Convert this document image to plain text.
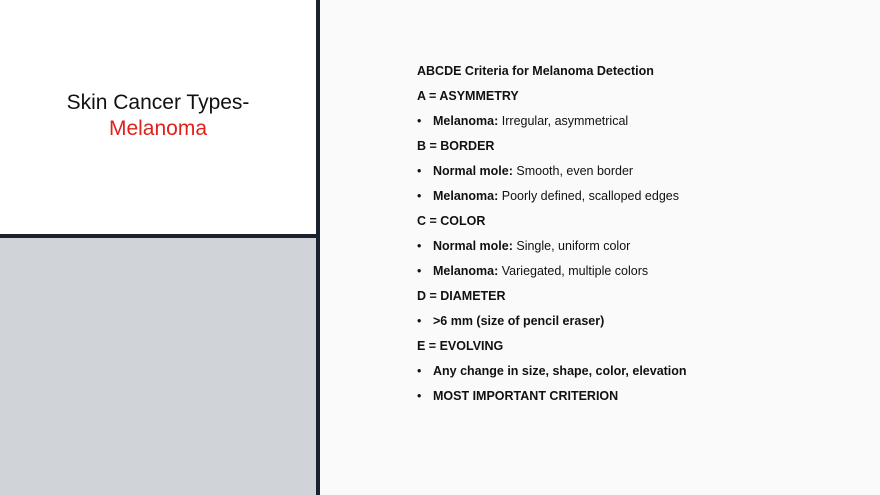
Skin Cancer Types-
Melanoma
ABCDE Criteria for Melanoma Detection
A = ASYMMETRY
• Melanoma: Irregular, asymmetrical
B = BORDER
• Normal mole: Smooth, even border
• Melanoma: Poorly defined, scalloped edges
C = COLOR
• Normal mole: Single, uniform color
• Melanoma: Variegated, multiple colors
D = DIAMETER
• >6 mm (size of pencil eraser)
E = EVOLVING
• Any change in size, shape, color, elevation
• MOST IMPORTANT CRITERION
